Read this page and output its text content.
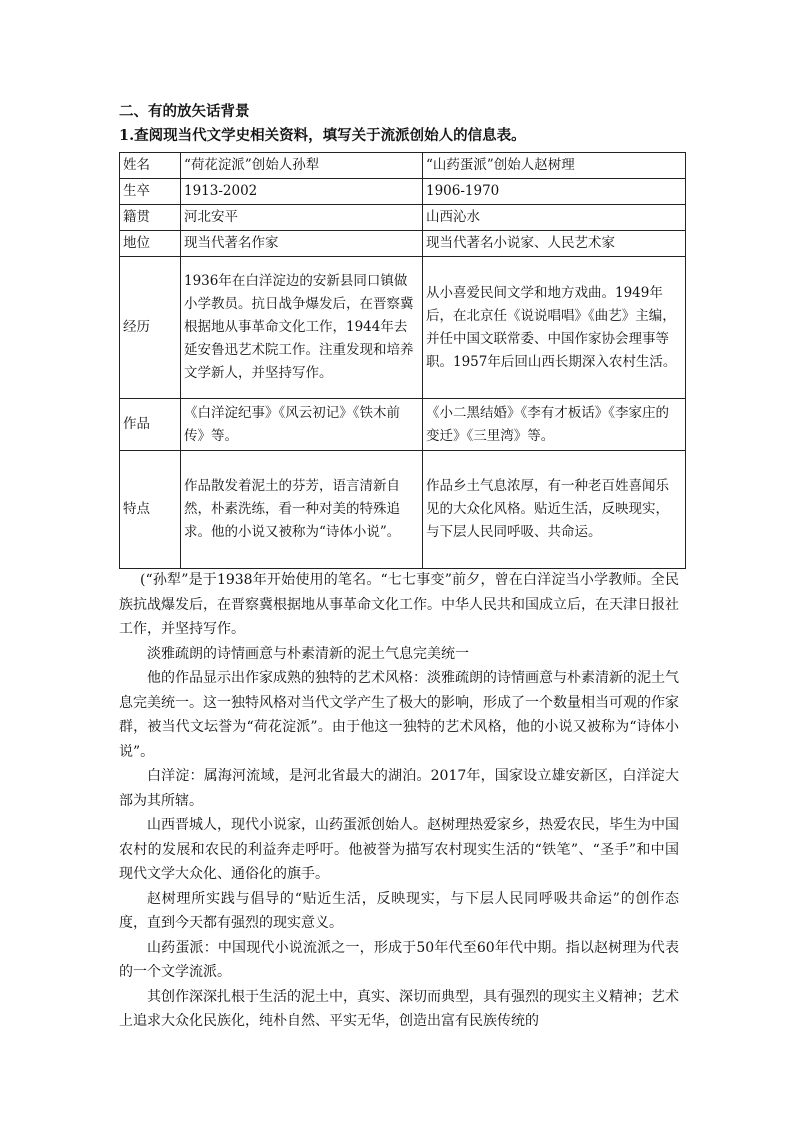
二、有的放矢话背景
1.查阅现当代文学史相关资料，填写关于流派创始人的信息表。
姓名	“荷花淀派”创始人孙犁	“山药蛋派”创始人赵树理
生卒	1913-2002	1906-1970
籍贯	河北安平	山西沁水
地位	现当代著名作家	现当代著名小说家、人民艺术家
经历	1936年在白洋淀边的安新县同口镇做小学教员。抗日战争爆发后，在晋察冀根据地从事革命文化工作，1944年去延安鲁迅艺术院工作。注重发现和培养文学新人，并坚持写作。	从小喜爱民间文学和地方戏曲。1949年后，在北京任《说说唱唱》《曲艺》主编，并任中国文联常委、中国作家协会理事等职。1957年后回山西长期深入农村生活。
作品	《白洋淀纪事》《风云初记》《铁木前传》等。	《小二黑结婚》《李有才板话》《李家庄的变迁》《三里湾》等。
特点	作品散发着泥土的芬芳，语言清新自然，朴素洗练，看一种对美的特殊追求。他的小说又被称为“诗体小说”。	作品乡土气息浓厚，有一种老百姓喜闻乐见的大众化风格。贴近生活，反映现实，与下层人民同呼吸、共命运。

(“孙犁”是于1938年开始使用的笔名。“七七事变”前夕，曾在白洋淀当小学教师。全民族抗战爆发后，在晋察冀根据地从事革命文化工作。中华人民共和国成立后，在天津日报社工作，并坚持写作。

淡雅疏朗的诗情画意与朴素清新的泥土气息完美统一

他的作品显示出作家成熟的独特的艺术风格：淡雅疏朗的诗情画意与朴素清新的泥土气息完美统一。这一独特风格对当代文学产生了极大的影响，形成了一个数量相当可观的作家群，被当代文坛誉为“荷花淀派”。由于他这一独特的艺术风格，他的小说又被称为“诗体小说”。

白洋淀：属海河流域，是河北省最大的湖泊。2017年，国家设立雄安新区，白洋淀大部为其所辖。

山西晋城人，现代小说家，山药蛋派创始人。赵树理热爱家乡，热爱农民，毕生为中国农村的发展和农民的利益奔走呼吁。他被誉为描写农村现实生活的“铁笔”、“圣手”和中国现代文学大众化、通俗化的旗手。

赵树理所实践与倡导的“贴近生活，反映现实，与下层人民同呼吸共命运”的创作态度，直到今天都有强烈的现实意义。

山药蛋派：中国现代小说流派之一，形成于50年代至60年代中期。指以赵树理为代表的一个文学流派。

其创作深深扎根于生活的泥土中，真实、深切而典型，具有强烈的现实主义精神；艺术上追求大众化民族化，纯朴自然、平实无华，创造出富有民族传统的
